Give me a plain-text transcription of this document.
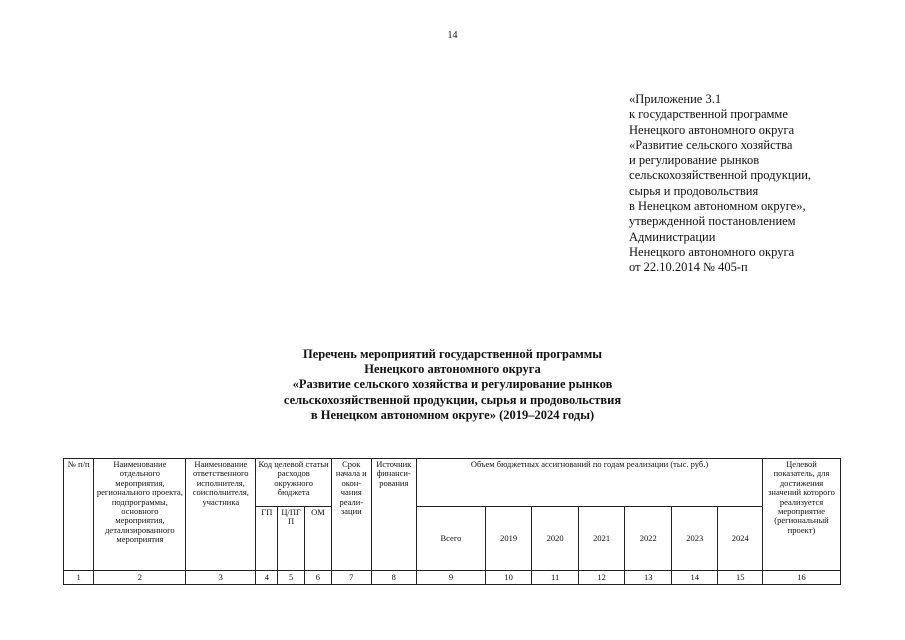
14
«Приложение 3.1
к государственной программе
Ненецкого автономного округа
«Развитие сельского хозяйства
и регулирование рынков
сельскохозяйственной продукции,
сырья и продовольствия
в Ненецком автономном округе»,
утвержденной постановлением
Администрации
Ненецкого автономного округа
от 22.10.2014 № 405-п
Перечень мероприятий государственной программы
Ненецкого автономного округа
«Развитие сельского хозяйства и регулирование рынков
сельскохозяйственной продукции, сырья и продовольствия
в Ненецком автономном округе» (2019–2024 годы)
№ п/п	Наименование отдельного мероприятия, регионального проекта, подпрограммы, основного мероприятия, детализированного мероприятия	Наименование ответственного исполнителя, соисполнителя, участника	Код целевой статьи расходов окружного бюджета			Срок начала и окон-чания реали-зации	Источник финанси-рования	Объем бюджетных ассигнований по годам реализации (тыс. руб.)							Целевой показатель, для достижения значений которого реализуется мероприятие (региональный проект)
			ГП	Ц/ПГ П	ОМ			Всего	2019	2020	2021	2022	2023	2024	
1	2	3	4	5	6	7	8	9	10	11	12	13	14	15	16
